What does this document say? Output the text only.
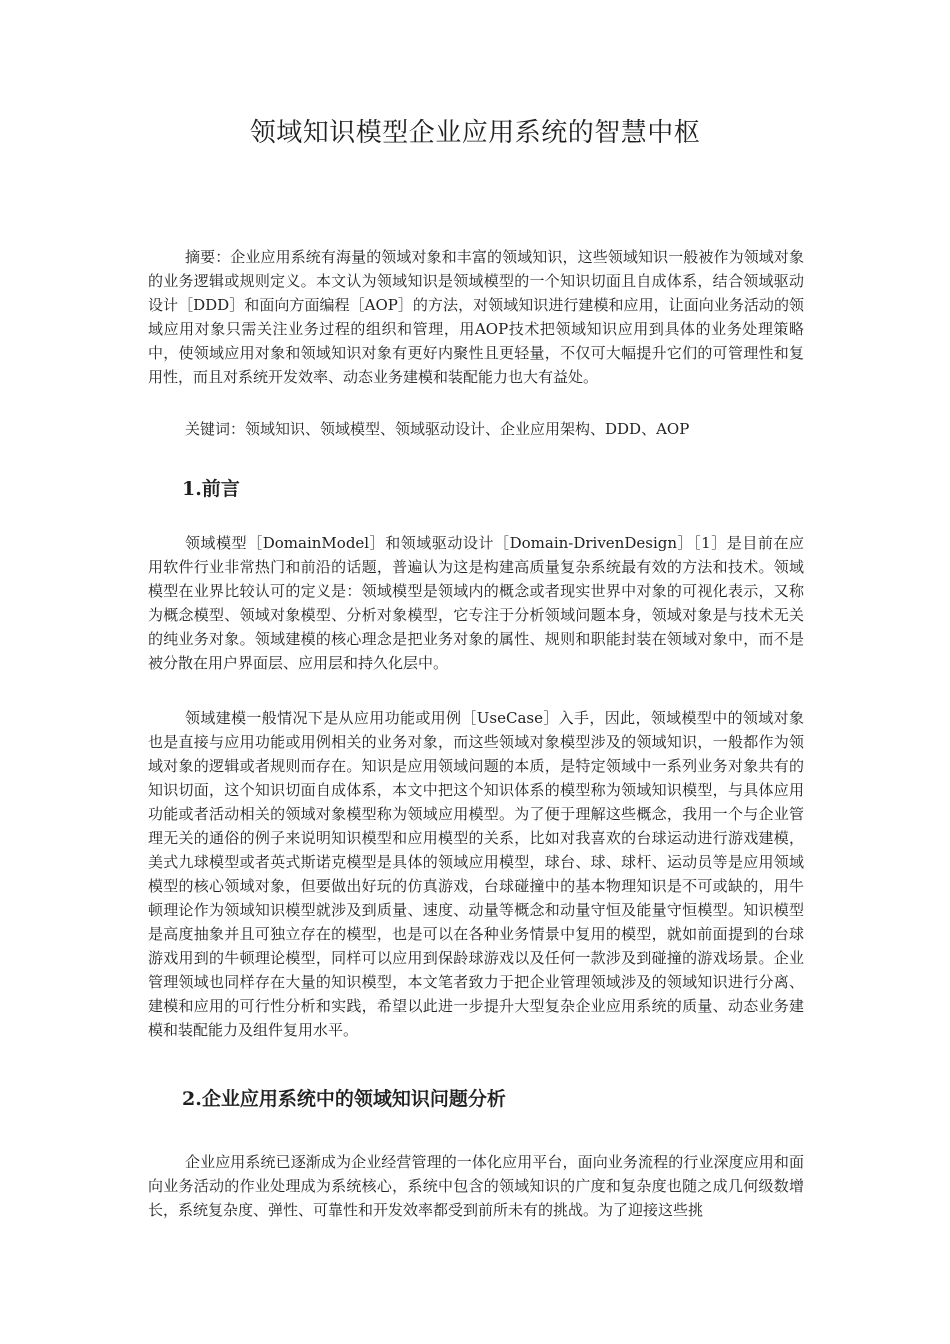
领域知识模型企业应用系统的智慧中枢

摘要：企业应用系统有海量的领域对象和丰富的领域知识，这些领域知识一般被作为领域对象的业务逻辑或规则定义。本文认为领域知识是领域模型的一个知识切面且自成体系，结合领域驱动设计［DDD］和面向方面编程［AOP］的方法，对领域知识进行建模和应用，让面向业务活动的领域应用对象只需关注业务过程的组织和管理，用AOP技术把领域知识应用到具体的业务处理策略中，使领域应用对象和领域知识对象有更好内聚性且更轻量，不仅可大幅提升它们的可管理性和复用性，而且对系统开发效率、动态业务建模和装配能力也大有益处。

关键词：领域知识、领域模型、领域驱动设计、企业应用架构、DDD、AOP
1.前言

领域模型［DomainModel］和领域驱动设计［Domain-DrivenDesign］［1］是目前在应用软件行业非常热门和前沿的话题，普遍认为这是构建高质量复杂系统最有效的方法和技术。领域模型在业界比较认可的定义是：领域模型是领域内的概念或者现实世界中对象的可视化表示，又称为概念模型、领域对象模型、分析对象模型，它专注于分析领域问题本身，领域对象是与技术无关的纯业务对象。领域建模的核心理念是把业务对象的属性、规则和职能封装在领域对象中，而不是被分散在用户界面层、应用层和持久化层中。

领域建模一般情况下是从应用功能或用例［UseCase］入手，因此，领域模型中的领域对象也是直接与应用功能或用例相关的业务对象，而这些领域对象模型涉及的领域知识，一般都作为领域对象的逻辑或者规则而存在。知识是应用领域问题的本质，是特定领域中一系列业务对象共有的知识切面，这个知识切面自成体系，本文中把这个知识体系的模型称为领域知识模型，与具体应用功能或者活动相关的领域对象模型称为领域应用模型。为了便于理解这些概念，我用一个与企业管理无关的通俗的例子来说明知识模型和应用模型的关系，比如对我喜欢的台球运动进行游戏建模，美式九球模型或者英式斯诺克模型是具体的领域应用模型，球台、球、球杆、运动员等是应用领域模型的核心领域对象，但要做出好玩的仿真游戏，台球碰撞中的基本物理知识是不可或缺的，用牛顿理论作为领域知识模型就涉及到质量、速度、动量等概念和动量守恒及能量守恒模型。知识模型是高度抽象并且可独立存在的模型，也是可以在各种业务情景中复用的模型，就如前面提到的台球游戏用到的牛顿理论模型，同样可以应用到保龄球游戏以及任何一款涉及到碰撞的游戏场景。企业管理领域也同样存在大量的知识模型，本文笔者致力于把企业管理领域涉及的领域知识进行分离、建模和应用的可行性分析和实践，希望以此进一步提升大型复杂企业应用系统的质量、动态业务建模和装配能力及组件复用水平。

2.企业应用系统中的领域知识问题分析

企业应用系统已逐渐成为企业经营管理的一体化应用平台，面向业务流程的行业深度应用和面向业务活动的作业处理成为系统核心，系统中包含的领域知识的广度和复杂度也随之成几何级数增长，系统复杂度、弹性、可靠性和开发效率都受到前所未有的挑战。为了迎接这些挑
